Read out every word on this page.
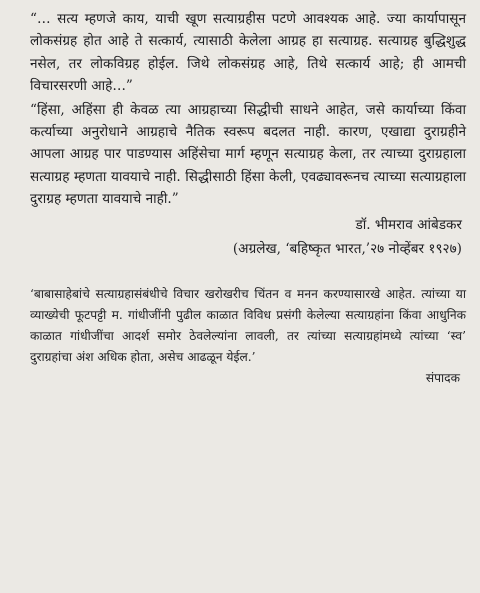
“… सत्य म्हणजे काय, याची खूण सत्याग्रहीस पटणे आवश्यक आहे. ज्या कार्यापासून लोकसंग्रह होत आहे ते सत्कार्य, त्यासाठी केलेला आग्रह हा सत्याग्रह. सत्याग्रह बुद्धिशुद्ध नसेल, तर लोकविग्रह होईल. जिथे लोकसंग्रह आहे, तिथे सत्कार्य आहे; ही आमची विचारसरणी आहे…”

“हिंसा, अहिंसा ही केवळ त्या आग्रहाच्या सिद्धीची साधने आहेत, जसे कार्याच्या किंवा कर्त्याच्या अनुरोधाने आग्रहाचे नैतिक स्वरूप बदलत नाही. कारण, एखाद्या दुराग्रहीने आपला आग्रह पार पाडण्यास अहिंसेचा मार्ग म्हणून सत्याग्रह केला, तर त्याच्या दुराग्रहाला सत्याग्रह म्हणता यावयाचे नाही. सिद्धीसाठी हिंसा केली, एवढ्यावरूनच त्याच्या सत्याग्रहाला दुराग्रह म्हणता यावयाचे नाही.”

डॉ. भीमराव आंबेडकर
(अग्रलेख, ‘बहिष्कृत भारत,’२७ नोव्हेंबर १९२७)
‘बाबासाहेबांचे सत्याग्रहासंबंधीचे विचार खरोखरीच चिंतन व मनन करण्यासारखे आहेत. त्यांच्या या व्याख्येची फूटपट्टी म. गांधीजींनी पुढील काळात विविध प्रसंगी केलेल्या सत्याग्रहांना किंवा आधुनिक काळात गांधीजींचा आदर्श समोर ठेवलेल्यांना लावली, तर त्यांच्या सत्याग्रहांमध्ये त्यांच्या ‘स्व’ दुराग्रहांचा अंश अधिक होता, असेच आढळून येईल.’
संपादक
